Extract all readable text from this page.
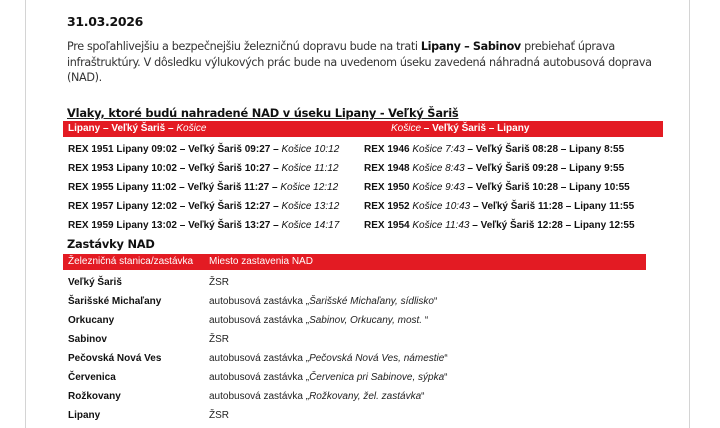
31.03.2026
Pre spoľahlivejšiu a bezpečnejšiu železničnú dopravu bude na trati Lipany – Sabinov prebiehať úprava infraštruktúry. V dôsledku výlukových prác bude na uvedenom úseku zavedená náhradná autobusová doprava (NAD).
Vlaky, ktoré budú nahradené NAD v úseku Lipany - Veľký Šariš
Lipany – Veľký Šariš – Košice	Košice – Veľký Šariš – Lipany
REX 1951 Lipany 09:02 – Veľký Šariš 09:27 – Košice 10:12
REX 1953 Lipany 10:02 – Veľký Šariš 10:27 – Košice 11:12
REX 1955 Lipany 11:02 – Veľký Šariš 11:27 – Košice 12:12
REX 1957 Lipany 12:02 – Veľký Šariš 12:27 – Košice 13:12
REX 1959 Lipany 13:02 – Veľký Šariš 13:27 – Košice 14:17
REX 1946 Košice 7:43 – Veľký Šariš 08:28 – Lipany 8:55
REX 1948 Košice 8:43 – Veľký Šariš 09:28 – Lipany 9:55
REX 1950 Košice 9:43 – Veľký Šariš 10:28 – Lipany 10:55
REX 1952 Košice 10:43 – Veľký Šariš 11:28 – Lipany 11:55
REX 1954 Košice 11:43 – Veľký Šariš 12:28 – Lipany 12:55
Zastávky NAD
Železničná stanica/zastávka Miesto zastavenia NAD
Veľký Šariš	ŽSR
Šarišské Michaľany	autobusová zastávka „Šarišské Michaľany, sídlisko“
Orkucany	autobusová zastávka „Sabinov, Orkucany, most. “
Sabinov	ŽSR
Pečovská Nová Ves	autobusová zastávka „Pečovská Nová Ves, námestie“
Červenica	autobusová zastávka „Červenica pri Sabinove, sýpka“
Rožkovany	autobusová zastávka „Rožkovany, žel. zastávka“
Lipany	ŽSR
